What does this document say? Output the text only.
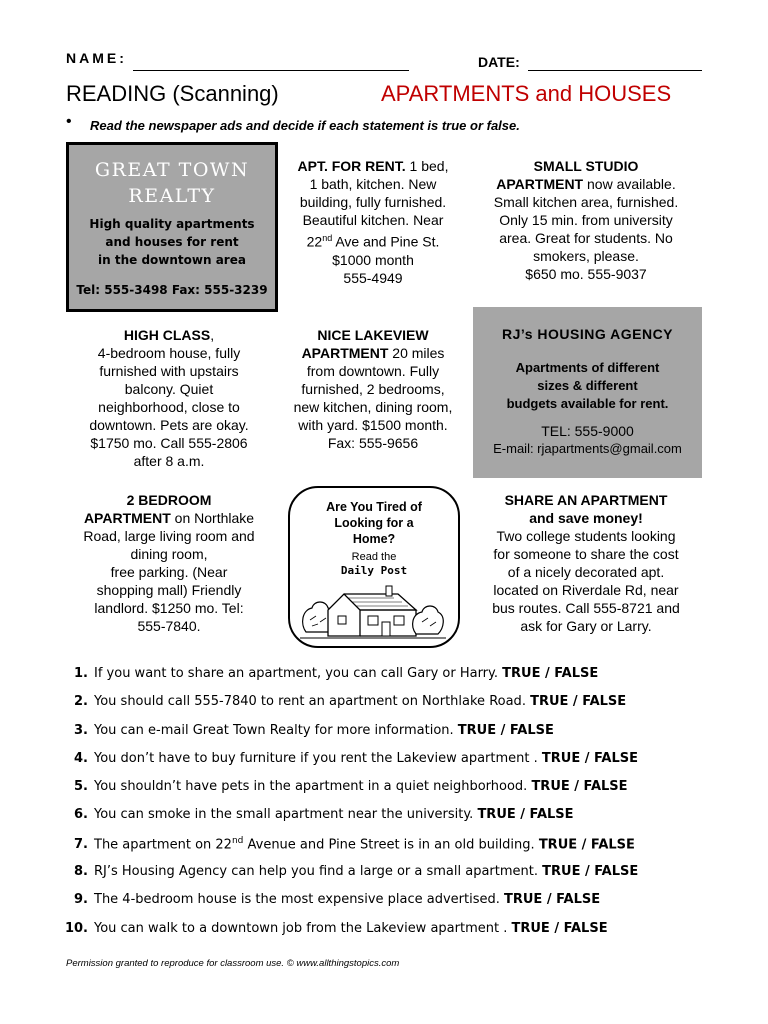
NAME:	DATE:
READING (Scanning)	APARTMENTS and HOUSES
• Read the newspaper ads and decide if each statement is true or false.
GREAT TOWN
REALTY
High quality apartments
and houses for rent
in the downtown area
Tel: 555-3498 Fax: 555-3239
APT. FOR RENT. 1 bed,
1 bath, kitchen. New
building, fully furnished.
Beautiful kitchen. Near
22nd Ave and Pine St.
$1000 month
555-4949
SMALL STUDIO
APARTMENT now available.
Small kitchen area, furnished.
Only 15 min. from university
area. Great for students. No
smokers, please.
$650 mo. 555-9037
HIGH CLASS,
4-bedroom house, fully
furnished with upstairs
balcony. Quiet
neighborhood, close to
downtown. Pets are okay.
$1750 mo. Call 555-2806
after 8 a.m.
NICE LAKEVIEW
APARTMENT 20 miles
from downtown. Fully
furnished, 2 bedrooms,
new kitchen, dining room,
with yard. $1500 month.
Fax: 555-9656
RJ’s HOUSING AGENCY
Apartments of different
sizes & different
budgets available for rent.
TEL: 555-9000
E-mail: rjapartments@gmail.com
2 BEDROOM
APARTMENT on Northlake
Road, large living room and
dining room,
free parking. (Near
shopping mall) Friendly
landlord. $1250 mo. Tel:
555-7840.
Are You Tired of
Looking for a
Home?
Read the
Daily Post
SHARE AN APARTMENT
and save money!
Two college students looking
for someone to share the cost
of a nicely decorated apt.
located on Riverdale Rd, near
bus routes. Call 555-8721 and
ask for Gary or Larry.
1. If you want to share an apartment, you can call Gary or Harry. TRUE / FALSE
2. You should call 555-7840 to rent an apartment on Northlake Road. TRUE / FALSE
3. You can e-mail Great Town Realty for more information. TRUE / FALSE
4. You don’t have to buy furniture if you rent the Lakeview apartment . TRUE / FALSE
5. You shouldn’t have pets in the apartment in a quiet neighborhood. TRUE / FALSE
6. You can smoke in the small apartment near the university. TRUE / FALSE
7. The apartment on 22nd Avenue and Pine Street is in an old building. TRUE / FALSE
8. RJ’s Housing Agency can help you find a large or a small apartment. TRUE / FALSE
9. The 4-bedroom house is the most expensive place advertised. TRUE / FALSE
10. You can walk to a downtown job from the Lakeview apartment . TRUE / FALSE
Permission granted to reproduce for classroom use. © www.allthingstopics.com
